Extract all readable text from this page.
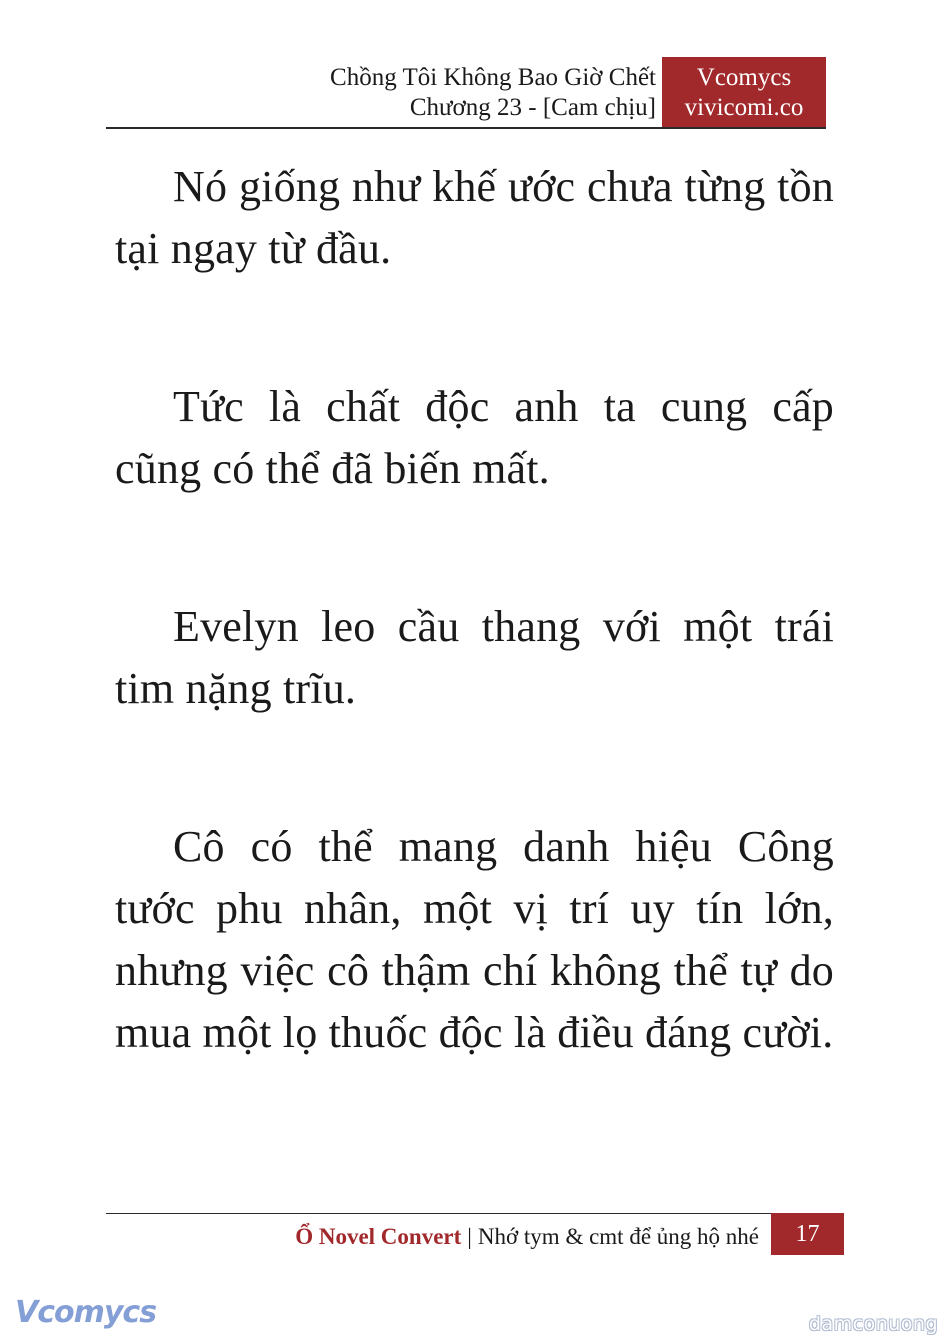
Chồng Tôi Không Bao Giờ Chết
Chương 23 - [Cam chịu]
Vcomycs
vivicomi.co

Nó giống như khế ước chưa từng tồn tại ngay từ đầu.

Tức là chất độc anh ta cung cấp cũng có thể đã biến mất.

Evelyn leo cầu thang với một trái tim nặng trĩu.

Cô có thể mang danh hiệu Công tước phu nhân, một vị trí uy tín lớn, nhưng việc cô thậm chí không thể tự do mua một lọ thuốc độc là điều đáng cười.

Ổ Novel Convert | Nhớ tym & cmt để ủng hộ nhé	17
Vcomycs	damconuong
